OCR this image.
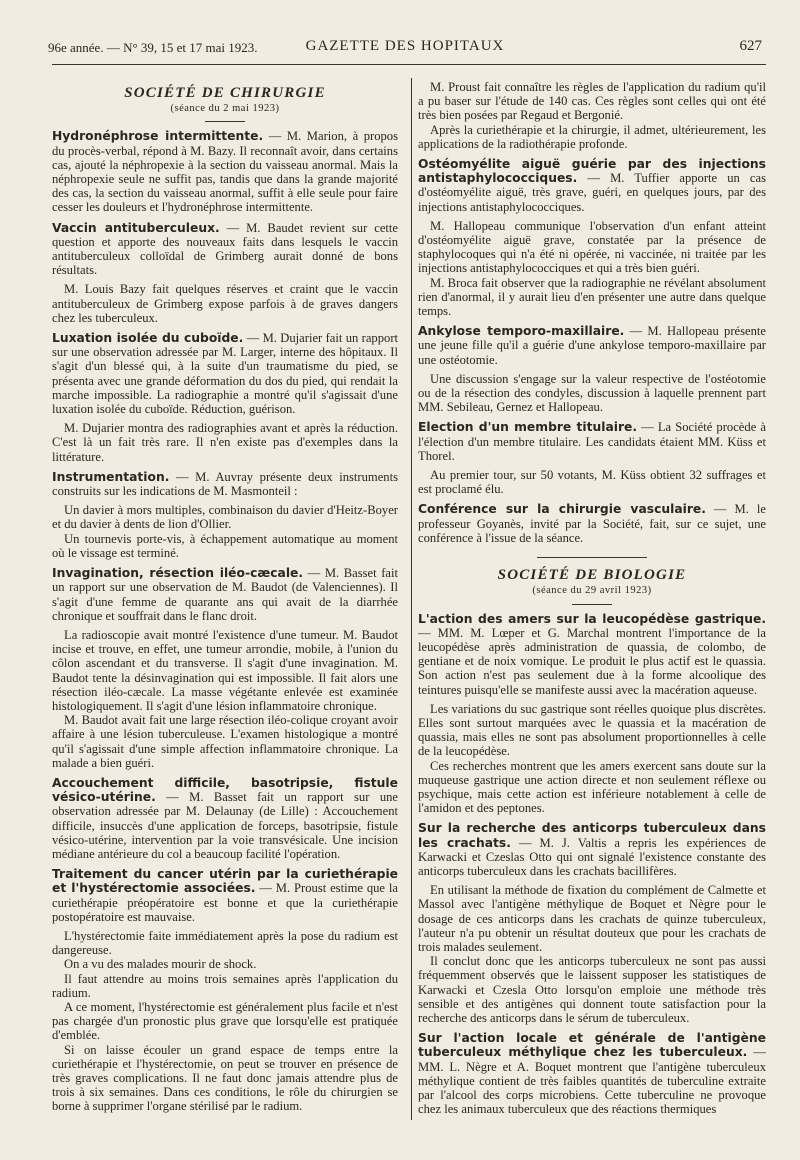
96e année. — N° 39, 15 et 17 mai 1923.	GAZETTE DES HOPITAUX	627
SOCIÉTÉ DE CHIRURGIE
(séance du 2 mai 1923)

Hydronéphrose intermittente. — M. Marion, à propos du procès-verbal, répond à M. Bazy. Il reconnaît avoir, dans certains cas, ajouté la néphropexie à la section du vaisseau anormal. Mais la néphropexie seule ne suffit pas, tandis que dans la grande majorité des cas, la section du vaisseau anormal, suffit à elle seule pour faire cesser les douleurs et l'hydronéphrose intermittente.

Vaccin antituberculeux. — M. Baudet revient sur cette question et apporte des nouveaux faits dans lesquels le vaccin antituberculeux colloïdal de Grimberg aurait donné de bons résultats.

M. Louis Bazy fait quelques réserves et craint que le vaccin antituberculeux de Grimberg expose parfois à de graves dangers chez les tuberculeux.

Luxation isolée du cuboïde. — M. Dujarier fait un rapport sur une observation adressée par M. Larger, interne des hôpitaux. Il s'agit d'un blessé qui, à la suite d'un traumatisme du pied, se présenta avec une grande déformation du dos du pied, qui rendait la marche impossible. La radiographie a montré qu'il s'agissait d'une luxation isolée du cuboïde. Réduction, guérison.

M. Dujarier montra des radiographies avant et après la réduction. C'est là un fait très rare. Il n'en existe pas d'exemples dans la littérature.

Instrumentation. — M. Auvray présente deux instruments construits sur les indications de M. Masmonteil :

Un davier à mors multiples, combinaison du davier d'Heitz-Boyer et du davier à dents de lion d'Ollier.

Un tournevis porte-vis, à échappement automatique au moment où le vissage est terminé.

Invagination, résection iléo-cæcale. — M. Basset fait un rapport sur une observation de M. Baudot (de Valenciennes). Il s'agit d'une femme de quarante ans qui avait de la diarrhée chronique et souffrait dans le flanc droit.

La radioscopie avait montré l'existence d'une tumeur. M. Baudot incise et trouve, en effet, une tumeur arrondie, mobile, à l'union du côlon ascendant et du transverse. Il s'agit d'une invagination. M. Baudot tente la désinvagination qui est impossible. Il fait alors une résection iléo-cæcale. La masse végétante enlevée est examinée histologiquement. Il s'agit d'une lésion inflammatoire chronique.

M. Baudot avait fait une large résection iléo-colique croyant avoir affaire à une lésion tuberculeuse. L'examen histologique a montré qu'il s'agissait d'une simple affection inflammatoire chronique. La malade a bien guéri.

Accouchement difficile, basotripsie, fistule vésico-utérine. — M. Basset fait un rapport sur une observation adressée par M. Delaunay (de Lille) : Accouchement difficile, insuccès d'une application de forceps, basotripsie, fistule vésico-utérine, intervention par la voie transvésicale. Une incision médiane antérieure du col a beaucoup facilité l'opération.

Traitement du cancer utérin par la curiethérapie et l'hystérectomie associées. — M. Proust estime que la curiethérapie préopératoire est bonne et que la curiethérapie postopératoire est mauvaise.

L'hystérectomie faite immédiatement après la pose du radium est dangereuse.

On a vu des malades mourir de shock.

Il faut attendre au moins trois semaines après l'application du radium.

A ce moment, l'hystérectomie est généralement plus facile et n'est pas chargée d'un pronostic plus grave que lorsqu'elle est pratiquée d'emblée.

Si on laisse écouler un grand espace de temps entre la curiethérapie et l'hystérectomie, on peut se trouver en présence de très graves complications. Il ne faut donc jamais attendre plus de trois à six semaines. Dans ces conditions, le rôle du chirurgien se borne à supprimer l'organe stérilisé par le radium.

M. Proust fait connaître les règles de l'application du radium qu'il a pu baser sur l'étude de 140 cas. Ces règles sont celles qui ont été très bien posées par Regaud et Bergonié.

Après la curiethérapie et la chirurgie, il admet, ultérieurement, les applications de la radiothérapie profonde.

Ostéomyélite aiguë guérie par des injections antistaphylococciques. — M. Tuffier apporte un cas d'ostéomyélite aiguë, très grave, guéri, en quelques jours, par des injections antistaphylococciques.

M. Hallopeau communique l'observation d'un enfant atteint d'ostéomyélite aiguë grave, constatée par la présence de staphylocoques qui n'a été ni opérée, ni vaccinée, ni traitée par les injections antistaphylococciques et qui a très bien guéri.

M. Broca fait observer que la radiographie ne révélant absolument rien d'anormal, il y aurait lieu d'en présenter une autre dans quelque temps.

Ankylose temporo-maxillaire. — M. Hallopeau présente une jeune fille qu'il a guérie d'une ankylose temporo-maxillaire par une ostéotomie.

Une discussion s'engage sur la valeur respective de l'ostéotomie ou de la résection des condyles, discussion à laquelle prennent part MM. Sebileau, Gernez et Hallopeau.

Election d'un membre titulaire. — La Société procède à l'élection d'un membre titulaire. Les candidats étaient MM. Küss et Thorel.

Au premier tour, sur 50 votants, M. Küss obtient 32 suffrages et est proclamé élu.

Conférence sur la chirurgie vasculaire. — M. le professeur Goyanès, invité par la Société, fait, sur ce sujet, une conférence à l'issue de la séance.

SOCIÉTÉ DE BIOLOGIE
(séance du 29 avril 1923)

L'action des amers sur la leucopédèse gastrique. — MM. M. Lœper et G. Marchal montrent l'importance de la leucopédèse après administration de quassia, de colombo, de gentiane et de noix vomique. Le produit le plus actif est le quassia. Son action n'est pas seulement due à la forme alcoolique des teintures puisqu'elle se manifeste aussi avec la macération aqueuse.

Les variations du suc gastrique sont réelles quoique plus discrètes. Elles sont surtout marquées avec le quassia et la macération de quassia, mais elles ne sont pas absolument proportionnelles à celle de la leucopédèse.

Ces recherches montrent que les amers exercent sans doute sur la muqueuse gastrique une action directe et non seulement réflexe ou psychique, mais cette action est inférieure notablement à celle de l'amidon et des peptones.

Sur la recherche des anticorps tuberculeux dans les crachats. — M. J. Valtis a repris les expériences de Karwacki et Czeslas Otto qui ont signalé l'existence constante des anticorps tuberculeux dans les crachats bacillifères.

En utilisant la méthode de fixation du complément de Calmette et Massol avec l'antigène méthylique de Boquet et Nègre pour le dosage de ces anticorps dans les crachats de quinze tuberculeux, l'auteur n'a pu obtenir un résultat douteux que pour les crachats de trois malades seulement.

Il conclut donc que les anticorps tuberculeux ne sont pas aussi fréquemment observés que le laissent supposer les statistiques de Karwacki et Czesla Otto lorsqu'on emploie une méthode très sensible et des antigènes qui donnent toute satisfaction pour la recherche des anticorps dans le sérum de tuberculeux.

Sur l'action locale et générale de l'antigène tuberculeux méthylique chez les tuberculeux. — MM. L. Nègre et A. Boquet montrent que l'antigène tuberculeux méthylique contient de très faibles quantités de tuberculine extraite par l'alcool des corps microbiens. Cette tuberculine ne provoque chez les animaux tuberculeux que des réactions thermiques
